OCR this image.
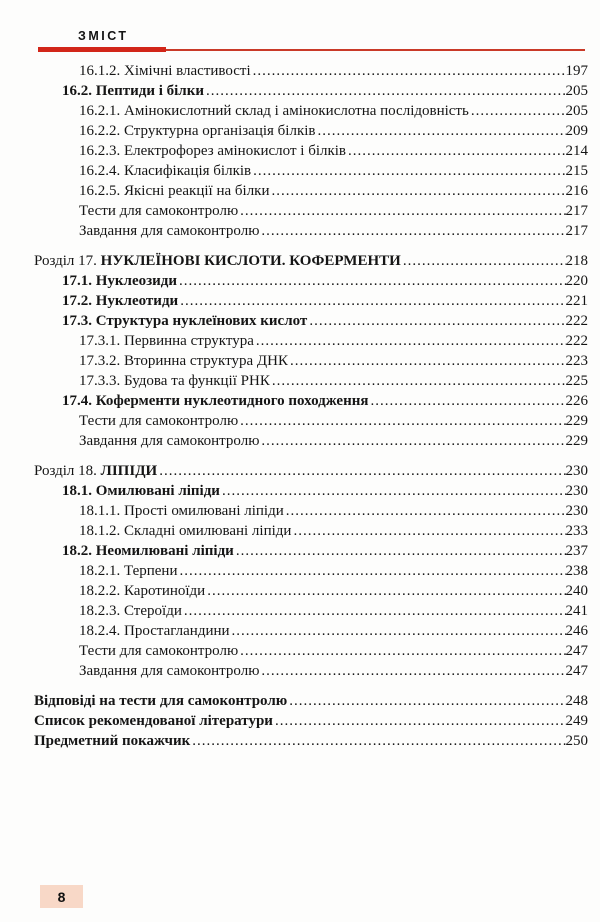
ЗМІСТ
16.1.2. Хімічні властивості .....	197
16.2. Пептиди і білки .....	205
16.2.1. Амінокислотний склад і амінокислотна послідовність .....	205
16.2.2. Структурна організація білків .....	209
16.2.3. Електрофорез амінокислот і білків .....	214
16.2.4. Класифікація білків .....	215
16.2.5. Якісні реакції на білки .....	216
Тести для самоконтролю .....	217
Завдання для самоконтролю .....	217
Розділ 17. НУКЛЕЇНОВІ КИСЛОТИ. КОФЕРМЕНТИ .....	218
17.1. Нуклеозиди .....	220
17.2. Нуклеотиди .....	221
17.3. Структура нуклеїнових кислот .....	222
17.3.1. Первинна структура .....	222
17.3.2. Вторинна структура ДНК .....	223
17.3.3. Будова та функції РНК .....	225
17.4. Коферменти нуклеотидного походження .....	226
Тести для самоконтролю .....	229
Завдання для самоконтролю .....	229
Розділ 18. ЛІПІДИ .....	230
18.1. Омилювані ліпіди .....	230
18.1.1. Прості омилювані ліпіди .....	230
18.1.2. Складні омилювані ліпіди .....	233
18.2. Неомилювані ліпіди .....	237
18.2.1. Терпени .....	238
18.2.2. Каротиноїди .....	240
18.2.3. Стероїди .....	241
18.2.4. Простагландини .....	246
Тести для самоконтролю .....	247
Завдання для самоконтролю .....	247
Відповіді на тести для самоконтролю .....	248
Список рекомендованої літератури .....	249
Предметний покажчик .....	250
8
